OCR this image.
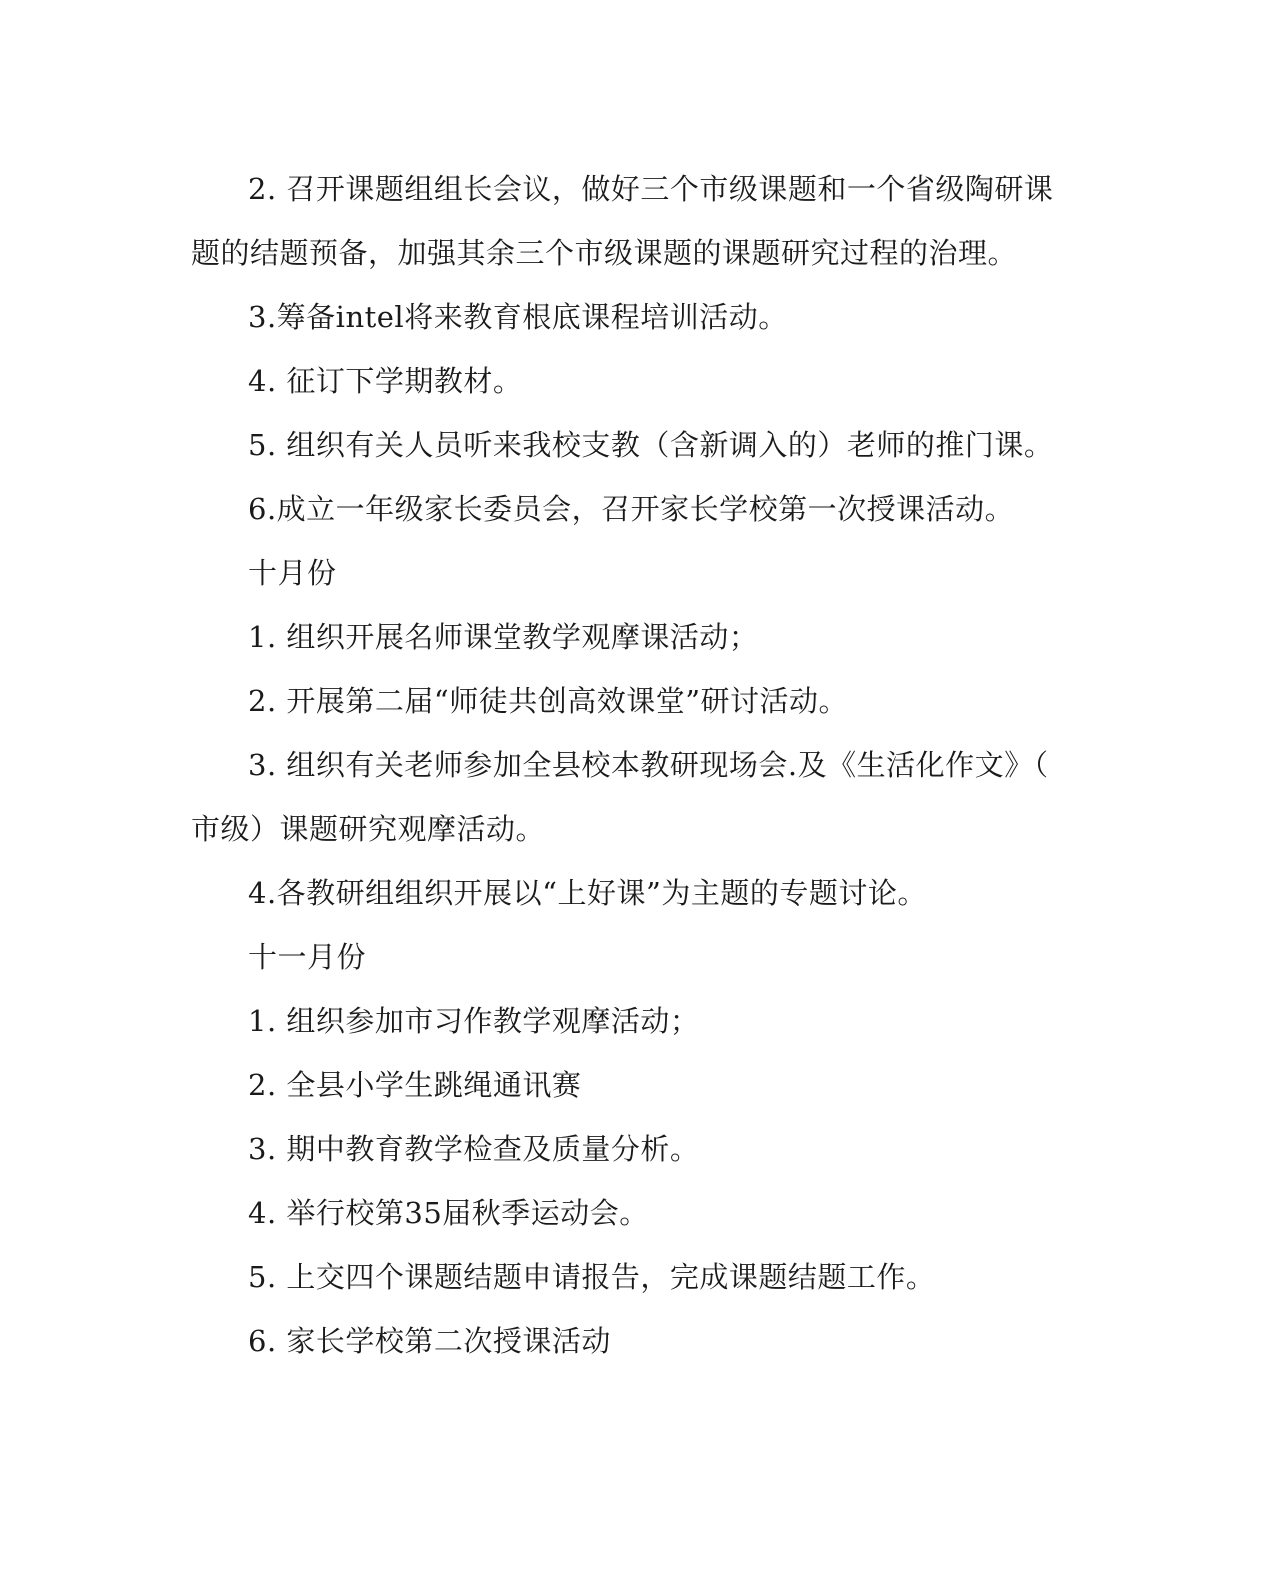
2. 召开课题组组长会议，做好三个市级课题和一个省级陶研课
题的结题预备，加强其余三个市级课题的课题研究过程的治理。
3.筹备intel将来教育根底课程培训活动。
4. 征订下学期教材。
5. 组织有关人员听来我校支教（含新调入的）老师的推门课。
6.成立一年级家长委员会，召开家长学校第一次授课活动。
十月份
1. 组织开展名师课堂教学观摩课活动；
2. 开展第二届“师徒共创高效课堂”研讨活动。
3. 组织有关老师参加全县校本教研现场会.及《生活化作文》（
市级）课题研究观摩活动。
4.各教研组组织开展以“上好课”为主题的专题讨论。
十一月份
1. 组织参加市习作教学观摩活动；
2. 全县小学生跳绳通讯赛
3. 期中教育教学检查及质量分析。
4. 举行校第35届秋季运动会。
5. 上交四个课题结题申请报告，完成课题结题工作。
6. 家长学校第二次授课活动
